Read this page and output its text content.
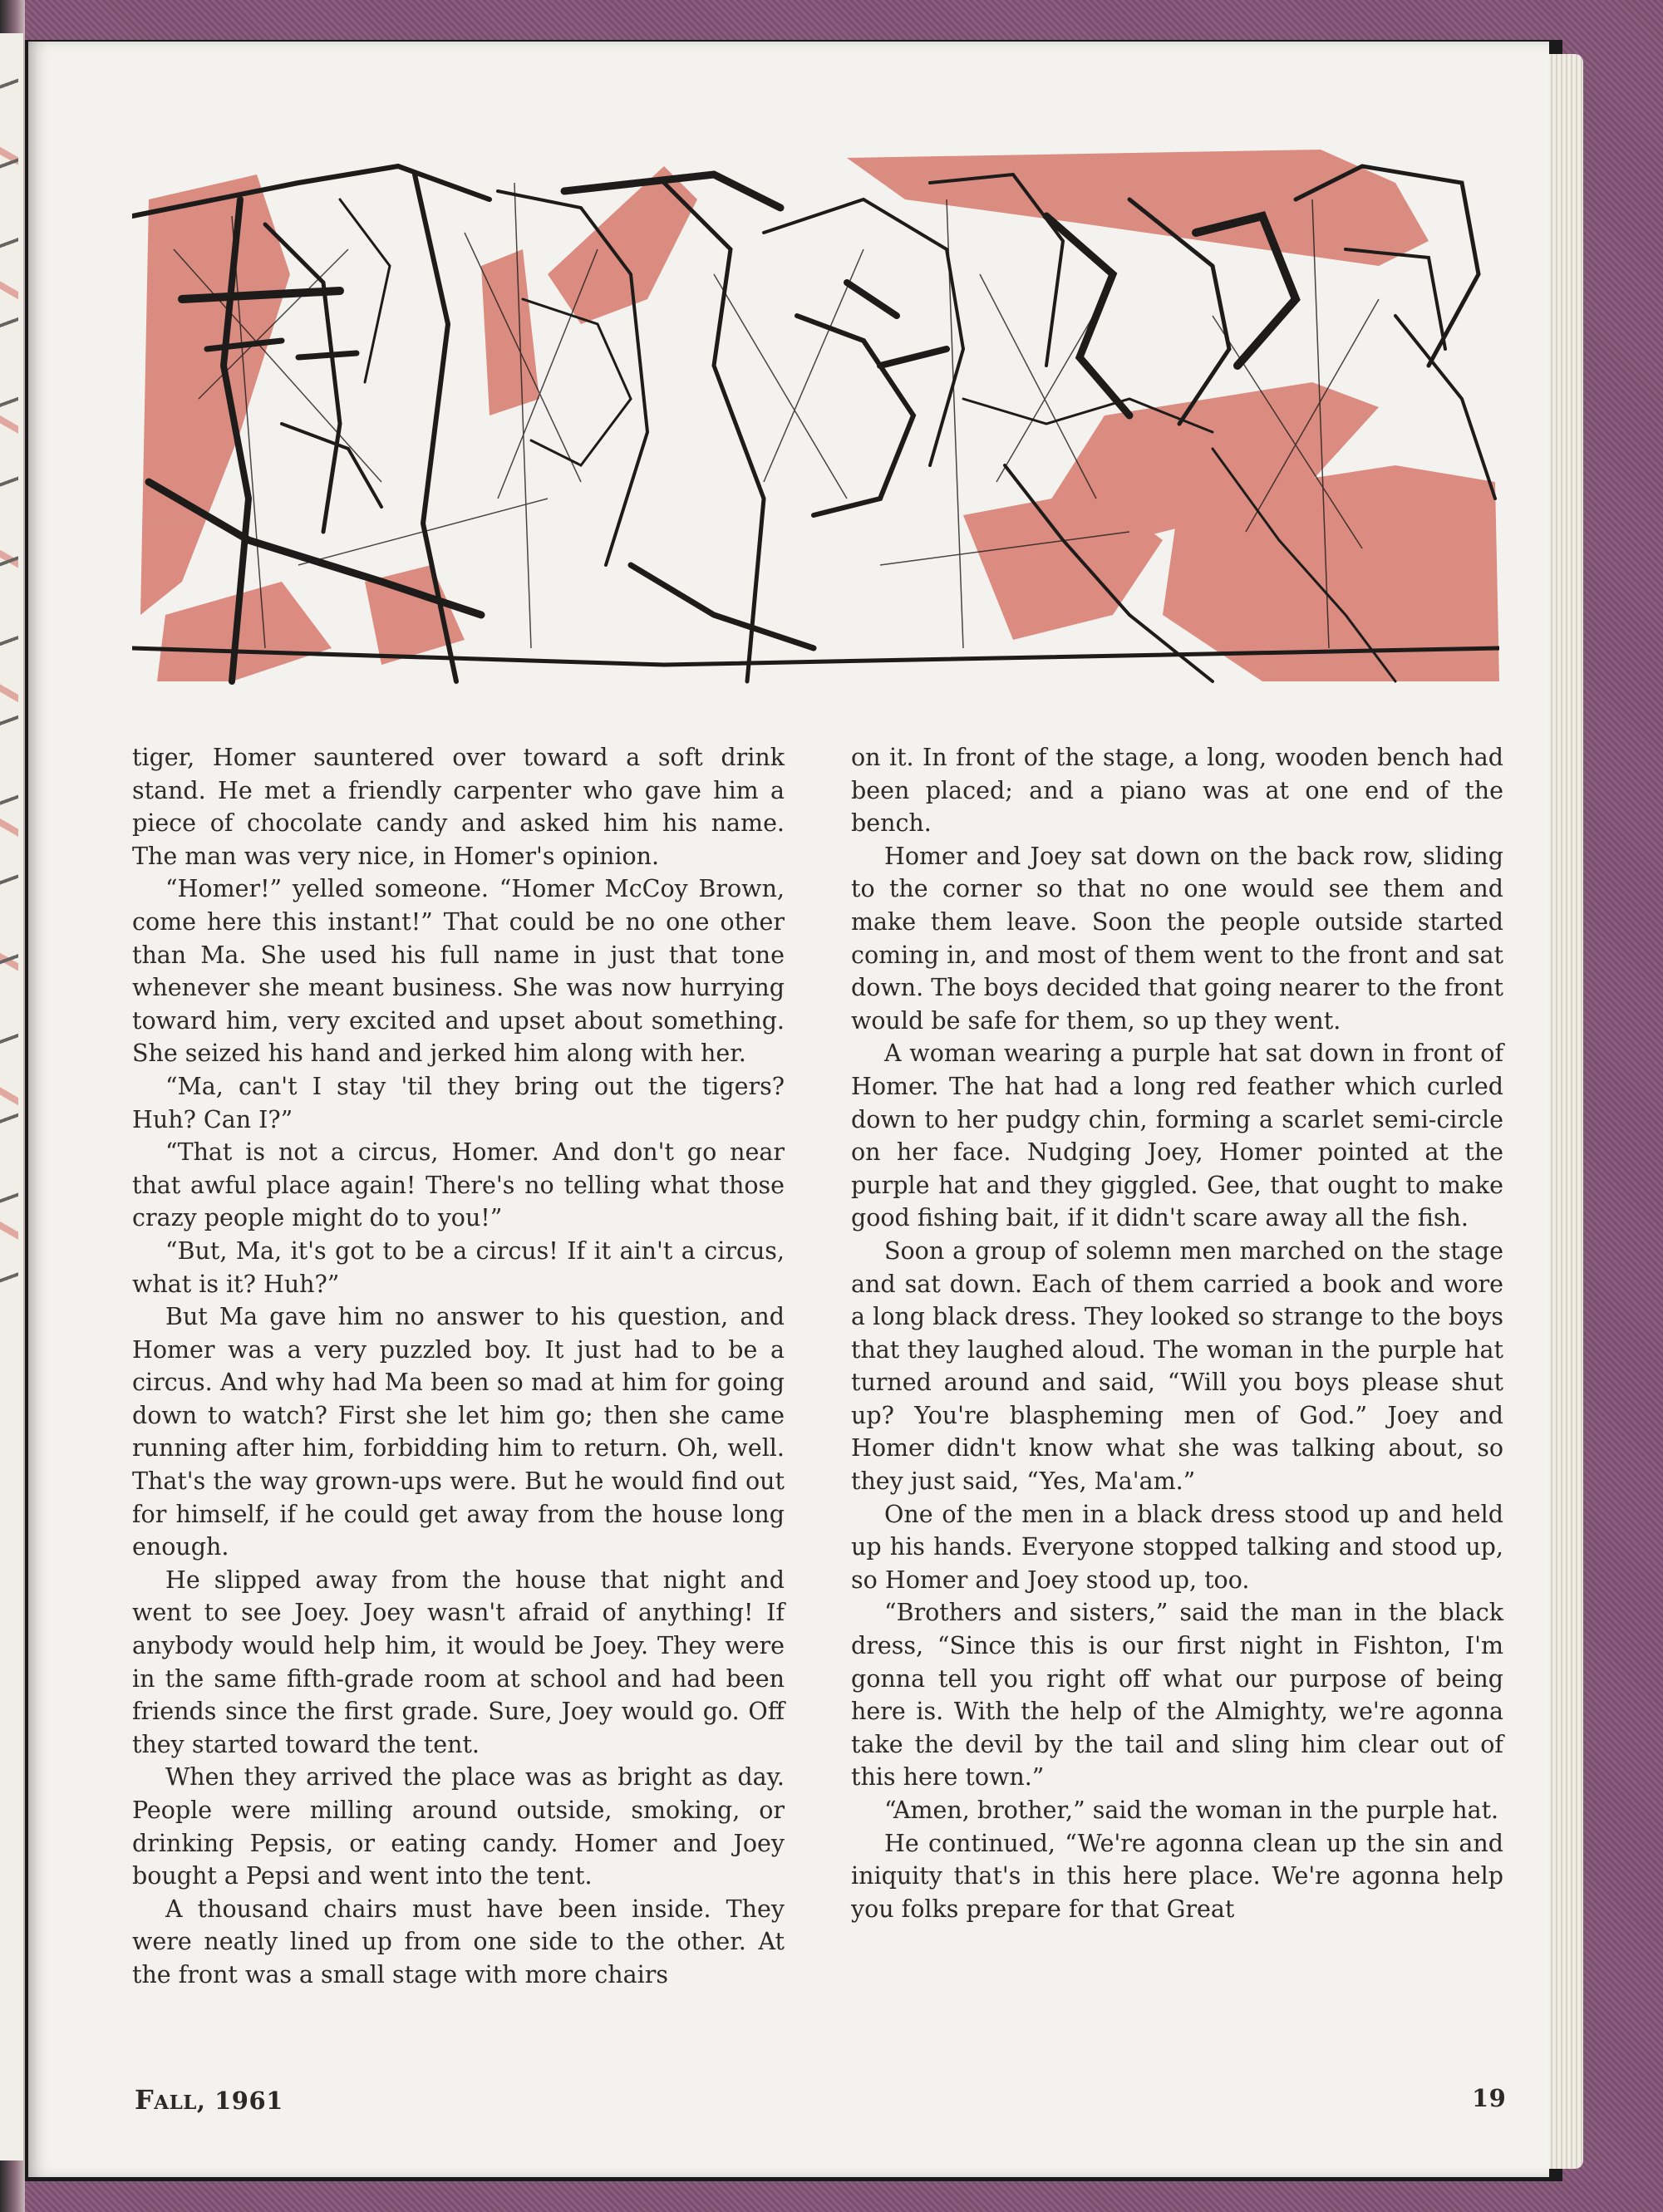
tiger, Homer sauntered over toward a soft drink stand. He met a friendly carpenter who gave him a piece of chocolate candy and asked him his name. The man was very nice, in Homer's opinion.

“Homer!” yelled someone. “Homer McCoy Brown, come here this instant!” That could be no one other than Ma. She used his full name in just that tone whenever she meant business. She was now hurrying toward him, very excited and upset about something. She seized his hand and jerked him along with her.

“Ma, can't I stay 'til they bring out the tigers? Huh? Can I?”

“That is not a circus, Homer. And don't go near that awful place again! There's no telling what those crazy people might do to you!”

“But, Ma, it's got to be a circus! If it ain't a circus, what is it? Huh?”

But Ma gave him no answer to his question, and Homer was a very puzzled boy. It just had to be a circus. And why had Ma been so mad at him for going down to watch? First she let him go; then she came running after him, forbidding him to return. Oh, well. That's the way grown-ups were. But he would find out for himself, if he could get away from the house long enough.

He slipped away from the house that night and went to see Joey. Joey wasn't afraid of anything! If anybody would help him, it would be Joey. They were in the same fifth-grade room at school and had been friends since the first grade. Sure, Joey would go. Off they started toward the tent.

When they arrived the place was as bright as day. People were milling around outside, smoking, or drinking Pepsis, or eating candy. Homer and Joey bought a Pepsi and went into the tent.

A thousand chairs must have been inside. They were neatly lined up from one side to the other. At the front was a small stage with more chairs

on it. In front of the stage, a long, wooden bench had been placed; and a piano was at one end of the bench.

Homer and Joey sat down on the back row, sliding to the corner so that no one would see them and make them leave. Soon the people outside started coming in, and most of them went to the front and sat down. The boys decided that going nearer to the front would be safe for them, so up they went.

A woman wearing a purple hat sat down in front of Homer. The hat had a long red feather which curled down to her pudgy chin, forming a scarlet semi-circle on her face. Nudging Joey, Homer pointed at the purple hat and they giggled. Gee, that ought to make good fishing bait, if it didn't scare away all the fish.

Soon a group of solemn men marched on the stage and sat down. Each of them carried a book and wore a long black dress. They looked so strange to the boys that they laughed aloud. The woman in the purple hat turned around and said, “Will you boys please shut up? You're blaspheming men of God.” Joey and Homer didn't know what she was talking about, so they just said, “Yes, Ma'am.”

One of the men in a black dress stood up and held up his hands. Everyone stopped talking and stood up, so Homer and Joey stood up, too.

“Brothers and sisters,” said the man in the black dress, “Since this is our first night in Fishton, I'm gonna tell you right off what our purpose of being here is. With the help of the Almighty, we're agonna take the devil by the tail and sling him clear out of this here town.”

“Amen, brother,” said the woman in the purple hat.

He continued, “We're agonna clean up the sin and iniquity that's in this here place. We're agonna help you folks prepare for that Great

FALL, 1961	19
